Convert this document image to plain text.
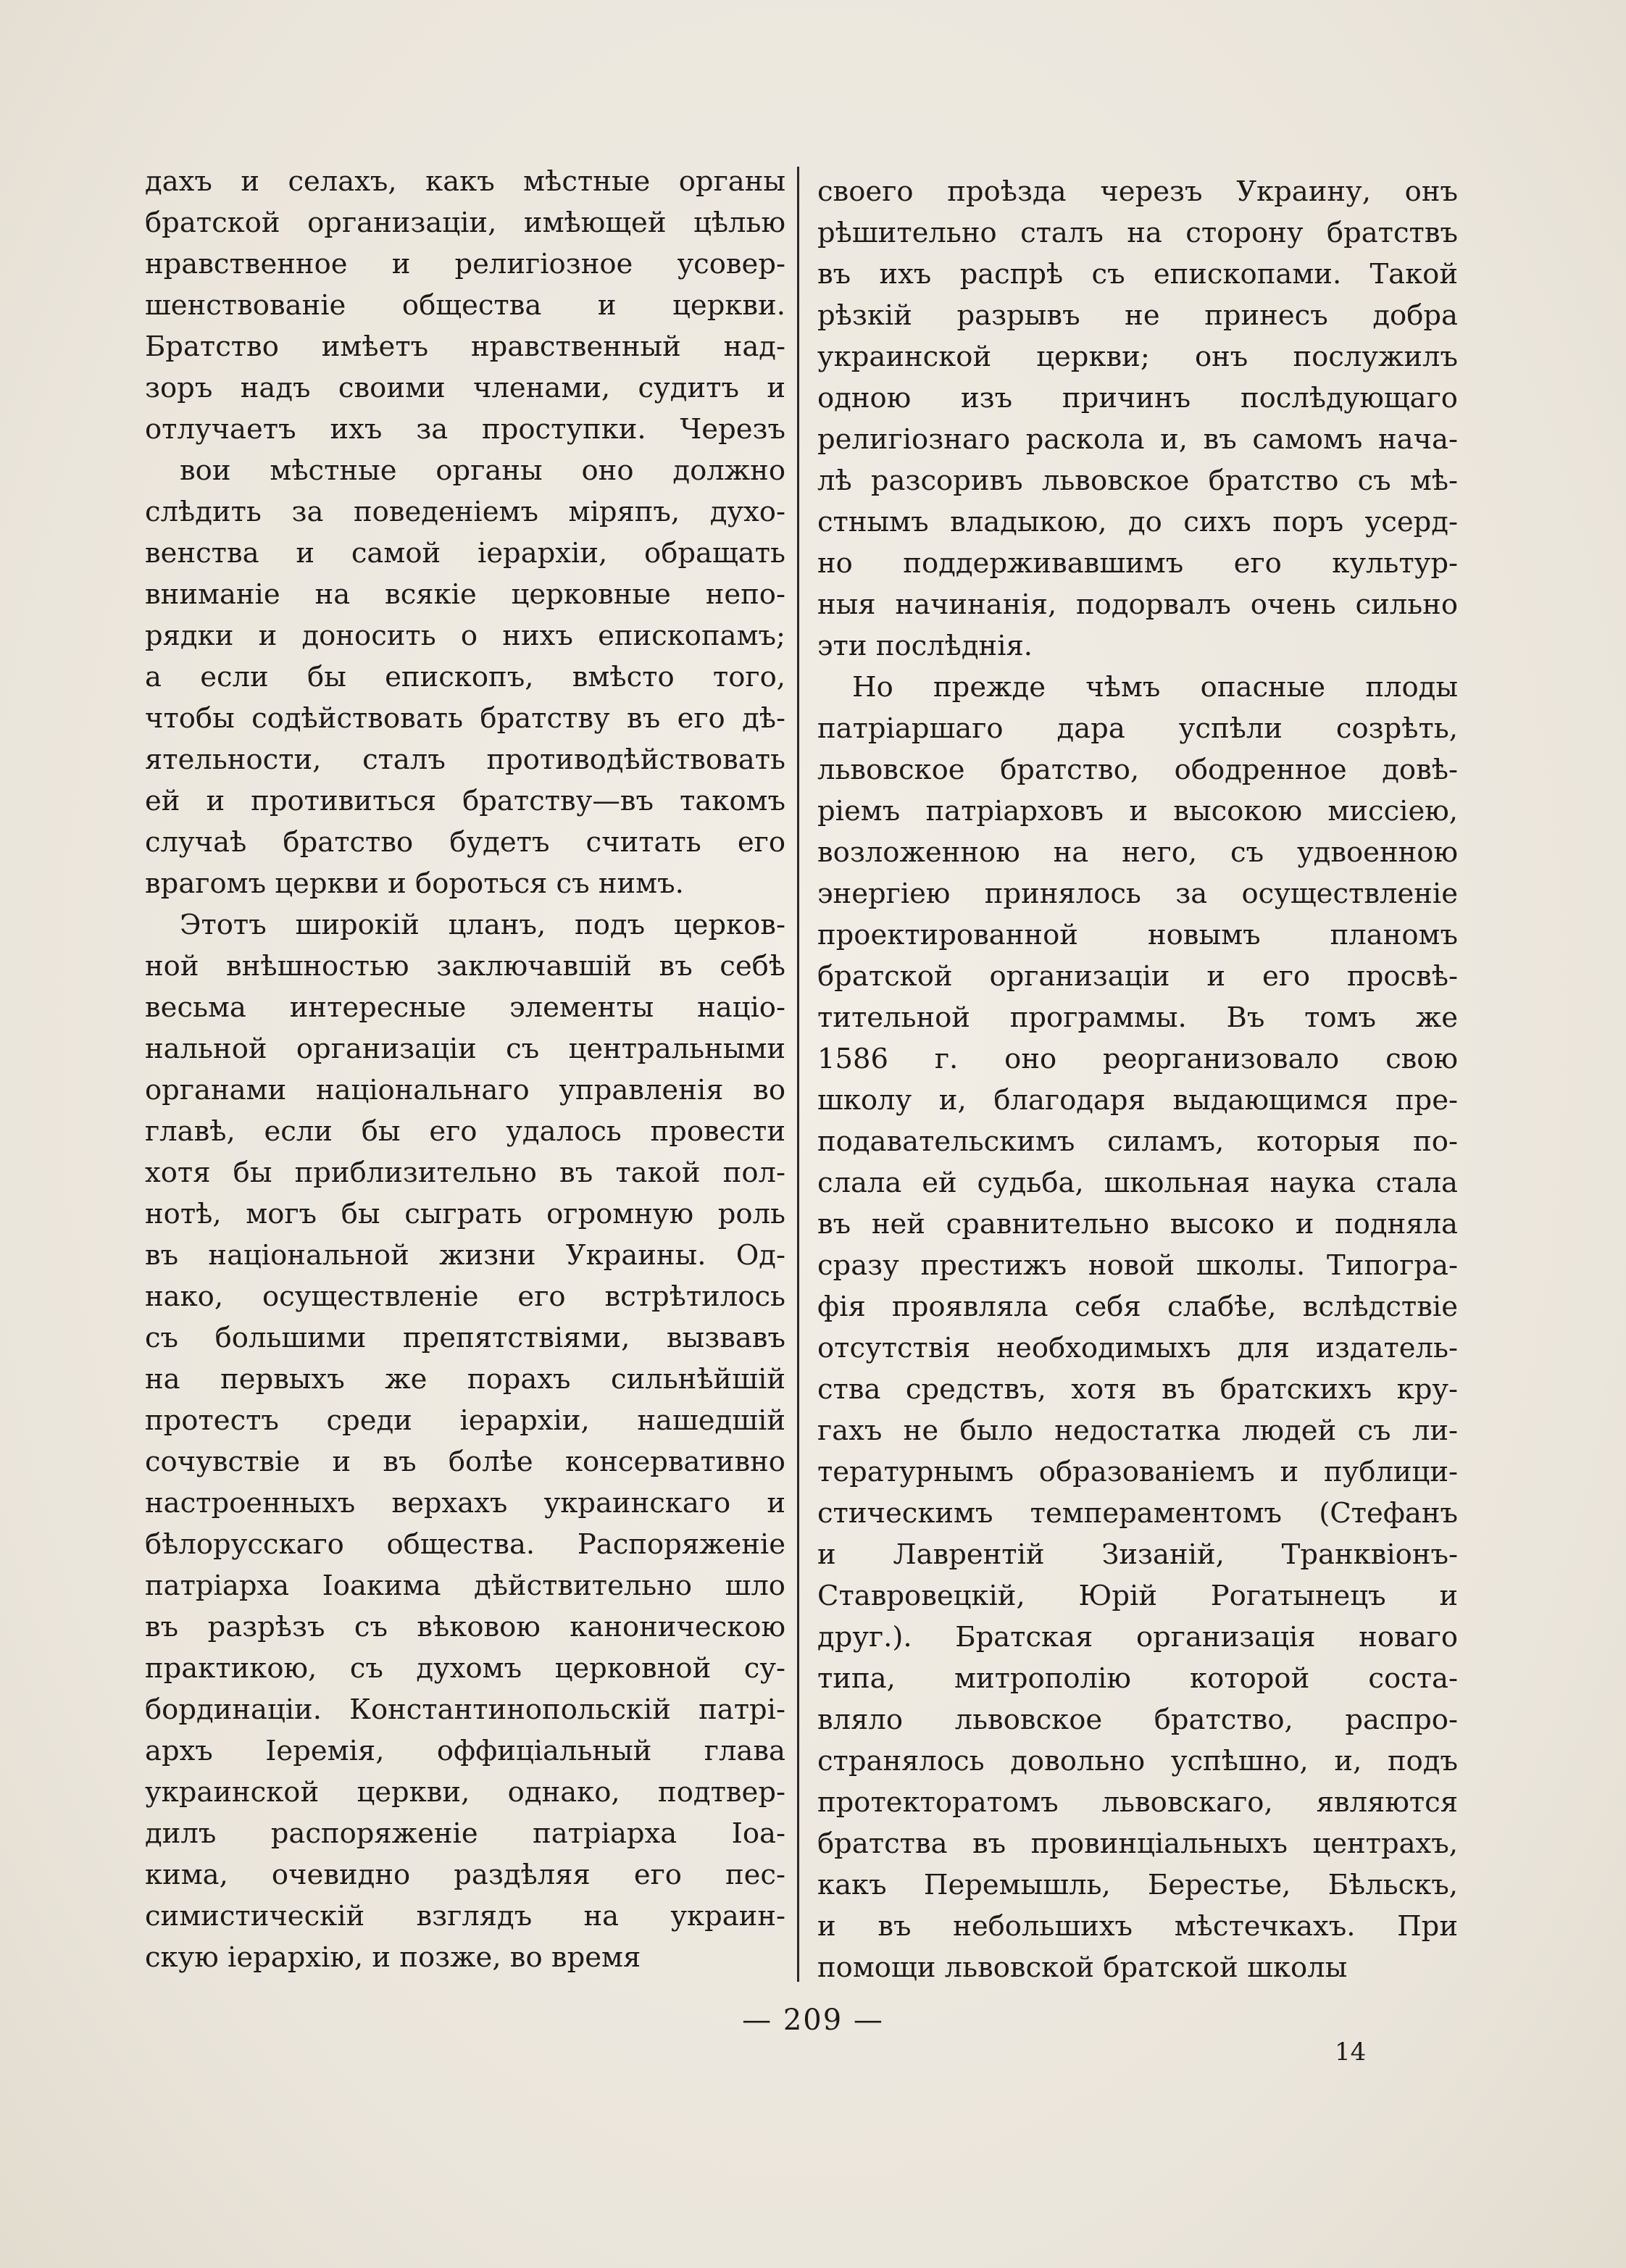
дахъ и селахъ, какъ мѣстные органы
братской организаціи, имѣющей цѣлью
нравственное и религіозное усовер-
шенствованіе общества и церкви.
Братство имѣетъ нравственный над-
зоръ надъ своими членами, судитъ и
отлучаетъ ихъ за проступки. Черезъ
вои мѣстные органы оно должно
слѣдить за поведеніемъ міряпъ, духо-
венства и самой іерархіи, обращать
вниманіе на всякіе церковные непо-
рядки и доносить о нихъ епископамъ;
а если бы епископъ, вмѣсто того,
чтобы содѣйствовать братству въ его дѣ-
ятельности, сталъ противодѣйствовать
ей и противиться братству—въ такомъ
случаѣ братство будетъ считать его
врагомъ церкви и бороться съ нимъ.
Этотъ широкій цланъ, подъ церков-
ной внѣшностью заключавшій въ себѣ
весьма интересные элементы націо-
нальной организаціи съ центральными
органами національнаго управленія во
главѣ, если бы его удалось провести
хотя бы приблизительно въ такой пол-
нотѣ, могъ бы сыграть огромную роль
въ національной жизни Украины. Од-
нако, осуществленіе его встрѣтилось
съ большими препятствіями, вызвавъ
на первыхъ же порахъ сильнѣйшій
протестъ среди іерархіи, нашедшій
сочувствіе и въ болѣе консервативно
настроенныхъ верхахъ украинскаго и
бѣлорусскаго общества. Распоряженіе
патріарха Іоакима дѣйствительно шло
въ разрѣзъ съ вѣковою каноническою
практикою, съ духомъ церковной су-
бординаціи. Константинопольскій патрі-
архъ Іеремія, оффиціальный глава
украинской церкви, однако, подтвер-
дилъ распоряженіе патріарха Іоа-
кима, очевидно раздѣляя его пес-
симистическій взглядъ на украин-
скую іерархію, и позже, во время
своего проѣзда черезъ Украину, онъ
рѣшительно сталъ на сторону братствъ
въ ихъ распрѣ съ епископами. Такой
рѣзкій разрывъ не принесъ добра
украинской церкви; онъ послужилъ
одною изъ причинъ послѣдующаго
религіознаго раскола и, въ самомъ нача-
лѣ разсоривъ львовское братство съ мѣ-
стнымъ владыкою, до сихъ поръ усерд-
но поддерживавшимъ его культур-
ныя начинанія, подорвалъ очень сильно
эти послѣднія.
Но прежде чѣмъ опасные плоды
патріаршаго дара успѣли созрѣть,
львовское братство, ободренное довѣ-
ріемъ патріарховъ и высокою миссіею,
возложенною на него, съ удвоенною
энергіею принялось за осуществленіе
проектированной новымъ планомъ
братской организаціи и его просвѣ-
тительной программы. Въ томъ же
1586 г. оно реорганизовало свою
школу и, благодаря выдающимся пре-
подавательскимъ силамъ, которыя по-
слала ей судьба, школьная наука стала
въ ней сравнительно высоко и подняла
сразу престижъ новой школы. Типогра-
фія проявляла себя слабѣе, вслѣдствіе
отсутствія необходимыхъ для издатель-
ства средствъ, хотя въ братскихъ кру-
гахъ не было недостатка людей съ ли-
тературнымъ образованіемъ и публици-
стическимъ темпераментомъ (Стефанъ
и Лаврентій Зизаній, Транквіонъ-
Ставровецкій, Юрій Рогатынецъ и
друг.). Братская организація новаго
типа, митрополію которой соста-
вляло львовское братство, распро-
странялось довольно успѣшно, и, подъ
протекторатомъ львовскаго, являются
братства въ провинціальныхъ центрахъ,
какъ Перемышль, Берестье, Бѣльскъ,
и въ небольшихъ мѣстечкахъ. При
помощи львовской братской школы
— 209 —
14
